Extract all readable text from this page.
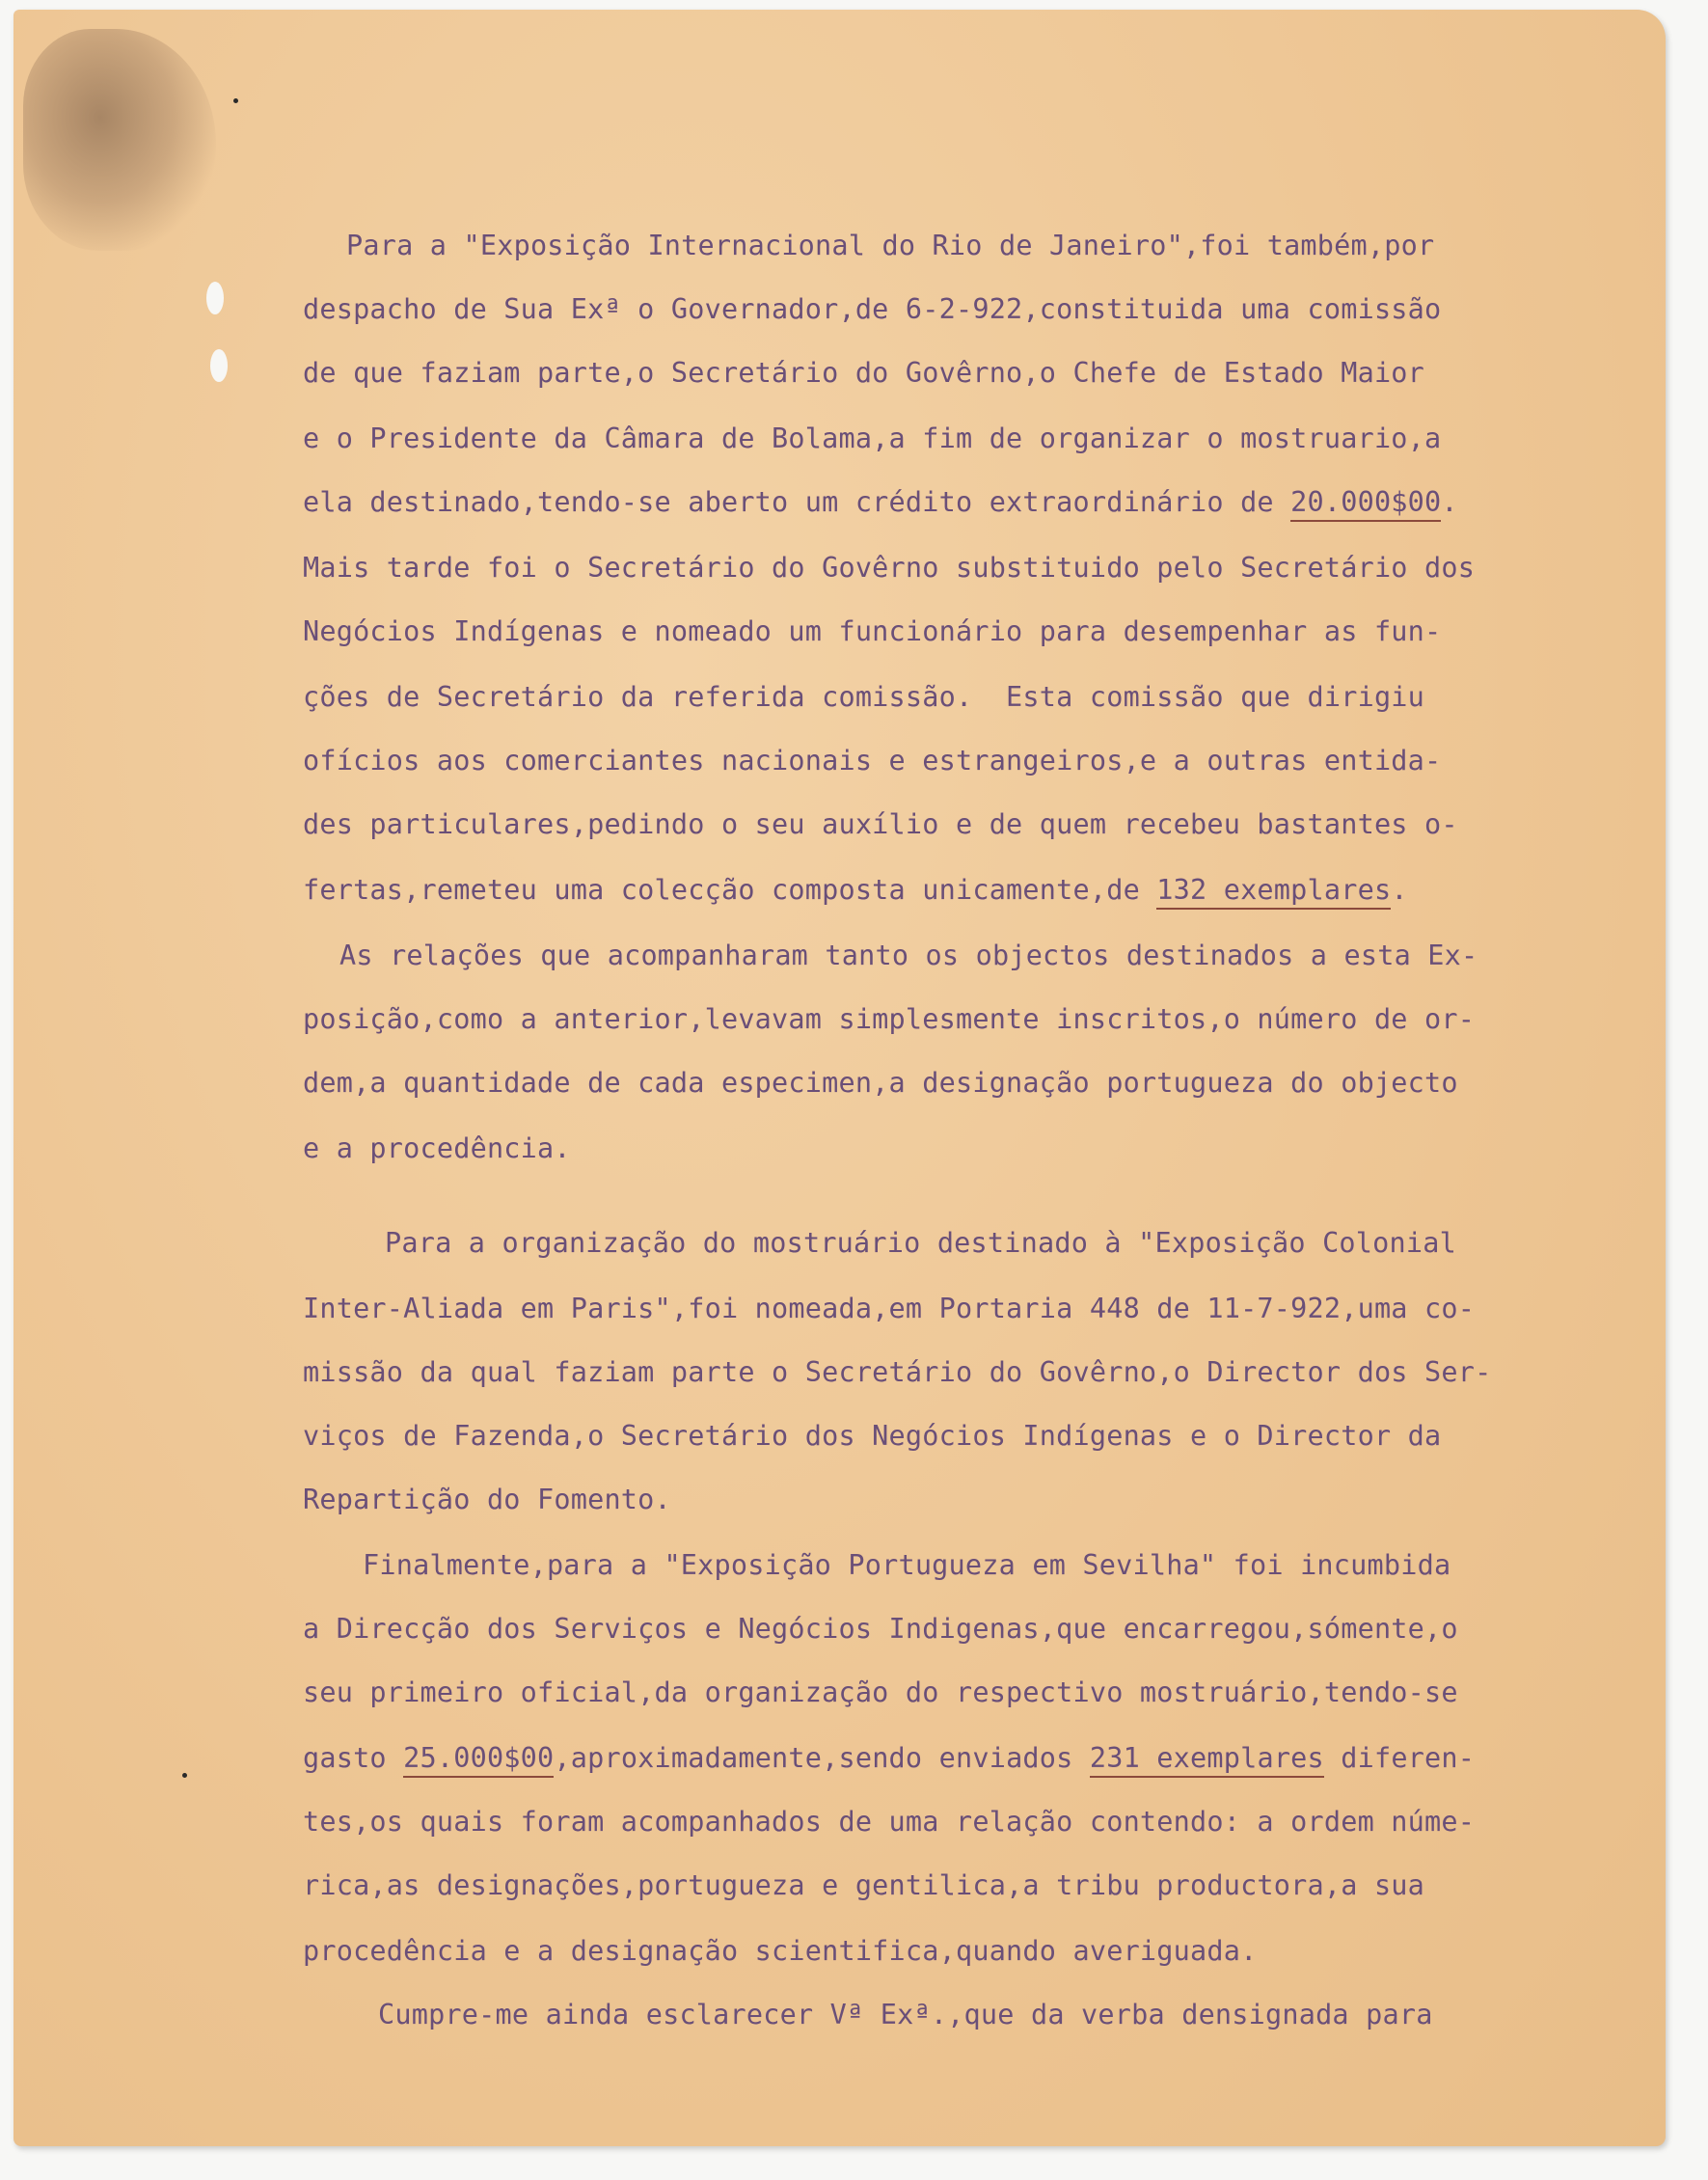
Para a "Exposição Internacional do Rio de Janeiro",foi também,por
despacho de Sua Exª o Governador,de 6-2-922,constituida uma comissão
de que faziam parte,o Secretário do Govêrno,o Chefe de Estado Maior
e o Presidente da Câmara de Bolama,a fim de organizar o mostruario,a
ela destinado,tendo-se aberto um crédito extraordinário de 20.000$00.
Mais tarde foi o Secretário do Govêrno substituido pelo Secretário dos
Negócios Indígenas e nomeado um funcionário para desempenhar as fun-
ções de Secretário da referida comissão.  Esta comissão que dirigiu
ofícios aos comerciantes nacionais e estrangeiros,e a outras entida-
des particulares,pedindo o seu auxílio e de quem recebeu bastantes o-
fertas,remeteu uma colecção composta unicamente,de 132 exemplares.
As relações que acompanharam tanto os objectos destinados a esta Ex-
posição,como a anterior,levavam simplesmente inscritos,o número de or-
dem,a quantidade de cada especimen,a designação portugueza do objecto
e a procedência.
Para a organização do mostruário destinado à "Exposição Colonial
Inter-Aliada em Paris",foi nomeada,em Portaria 448 de 11-7-922,uma co-
missão da qual faziam parte o Secretário do Govêrno,o Director dos Ser-
viços de Fazenda,o Secretário dos Negócios Indígenas e o Director da
Repartição do Fomento.
Finalmente,para a "Exposição Portugueza em Sevilha" foi incumbida
a Direcção dos Serviços e Negócios Indigenas,que encarregou,sómente,o
seu primeiro oficial,da organização do respectivo mostruário,tendo-se
gasto 25.000$00,aproximadamente,sendo enviados 231 exemplares diferen-
tes,os quais foram acompanhados de uma relação contendo: a ordem núme-
rica,as designações,portugueza e gentilica,a tribu productora,a sua
procedência e a designação scientifica,quando averiguada.
Cumpre-me ainda esclarecer Vª Exª.,que da verba densignada para
